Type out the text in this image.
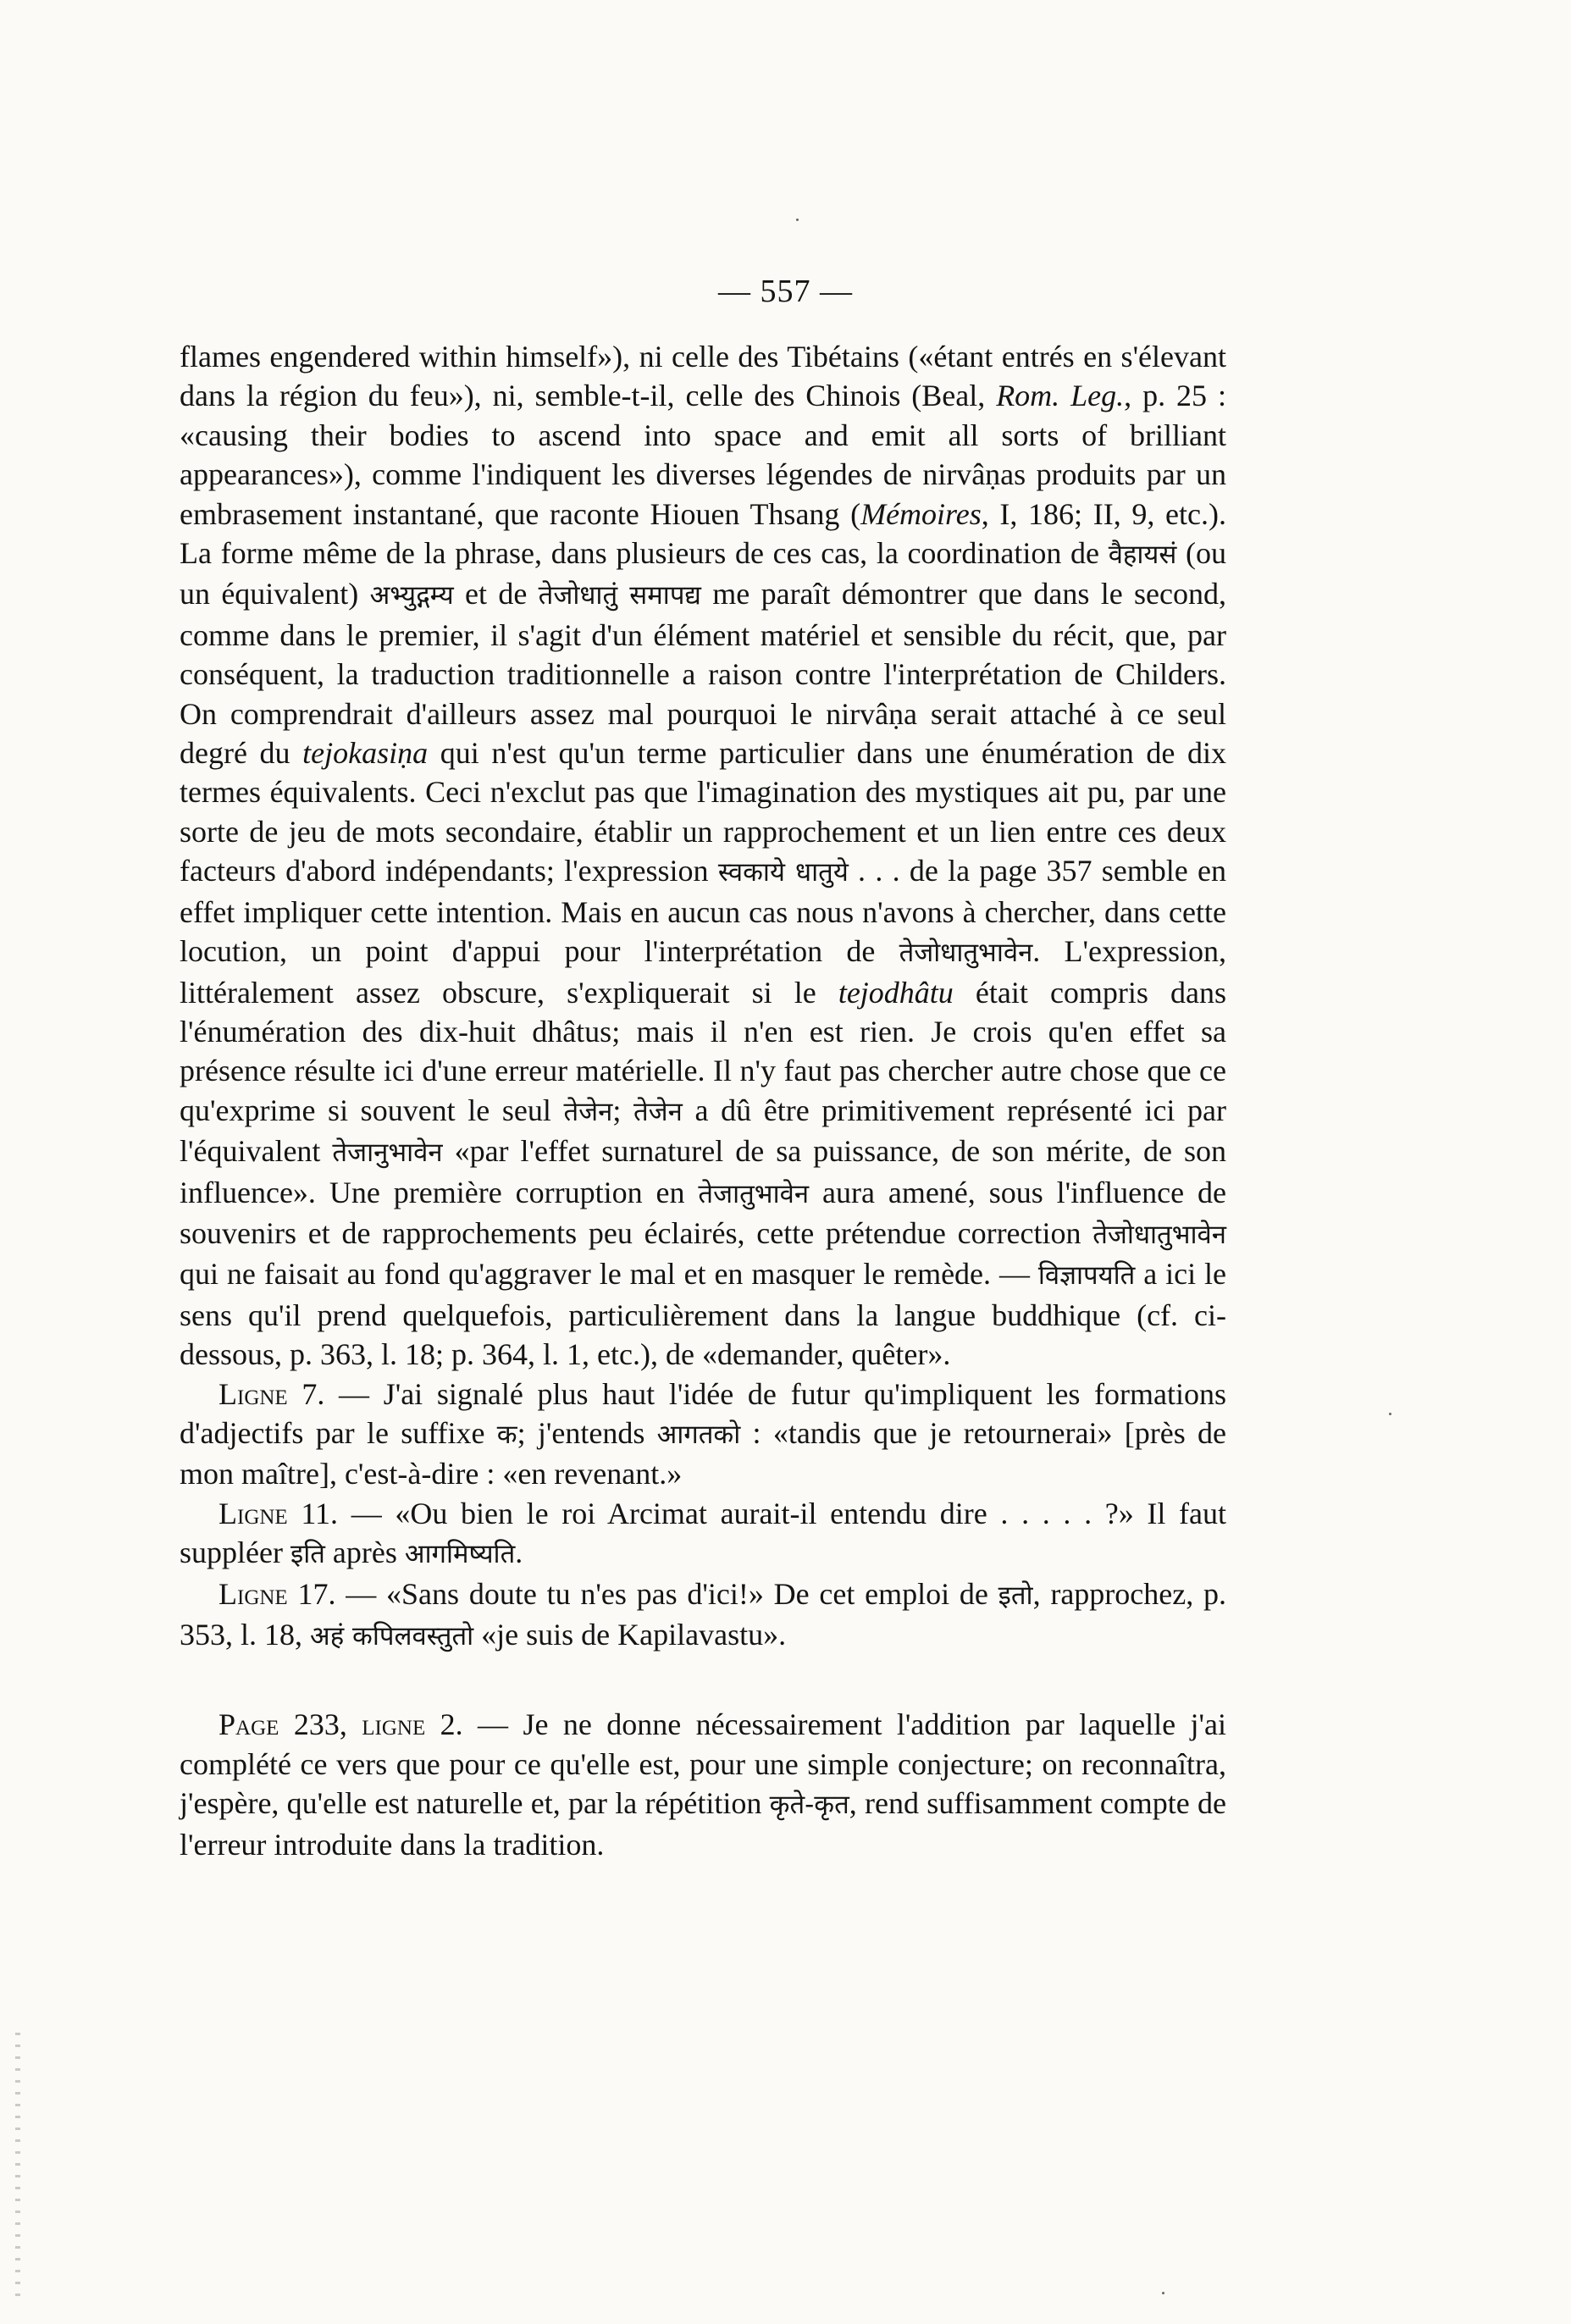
— 557 —

flames engendered within himself»), ni celle des Tibétains («étant entrés en s'élevant dans la région du feu»), ni, semble-t-il, celle des Chinois (Beal, Rom. Leg., p. 25 : «causing their bodies to ascend into space and emit all sorts of brilliant appearances»), comme l'indiquent les diverses légendes de nirvâṇas produits par un embrasement instantané, que raconte Hiouen Thsang (Mémoires, I, 186; II, 9, etc.). La forme même de la phrase, dans plusieurs de ces cas, la coordination de वैहायसं (ou un équivalent) अभ्युद्गम्य et de तेजोधातुं समापद्य me paraît démontrer que dans le second, comme dans le premier, il s'agit d'un élément matériel et sensible du récit, que, par conséquent, la traduction traditionnelle a raison contre l'interprétation de Childers. On comprendrait d'ailleurs assez mal pourquoi le nirvâṇa serait attaché à ce seul degré du tejokasiṇa qui n'est qu'un terme particulier dans une énumération de dix termes équivalents. Ceci n'exclut pas que l'imagination des mystiques ait pu, par une sorte de jeu de mots secondaire, établir un rapprochement et un lien entre ces deux facteurs d'abord indépendants; l'expression स्वकाये धातुये . . . de la page 357 semble en effet impliquer cette intention. Mais en aucun cas nous n'avons à chercher, dans cette locution, un point d'appui pour l'interprétation de तेजोधातुभावेन. L'expression, littéralement assez obscure, s'expliquerait si le tejodhâtu était compris dans l'énumération des dix-huit dhâtus; mais il n'en est rien. Je crois qu'en effet sa présence résulte ici d'une erreur matérielle. Il n'y faut pas chercher autre chose que ce qu'exprime si souvent le seul तेजेन; तेजेन a dû être primitivement représenté ici par l'équivalent तेजानुभावेन «par l'effet surnaturel de sa puissance, de son mérite, de son influence». Une première corruption en तेजातुभावेन aura amené, sous l'influence de souvenirs et de rapprochements peu éclairés, cette prétendue correction तेजोधातुभावेन qui ne faisait au fond qu'aggraver le mal et en masquer le remède. — विज्ञापयति a ici le sens qu'il prend quelquefois, particulièrement dans la langue buddhique (cf. ci-dessous, p. 363, l. 18; p. 364, l. 1, etc.), de «demander, quêter».

Ligne 7. — J'ai signalé plus haut l'idée de futur qu'impliquent les formations d'adjectifs par le suffixe क; j'entends आगतको : «tandis que je retournerai» [près de mon maître], c'est-à-dire : «en revenant.»

Ligne 11. — «Ou bien le roi Arcimat aurait-il entendu dire . . . . . ?» Il faut suppléer इति après आगमिष्यति.

Ligne 17. — «Sans doute tu n'es pas d'ici!» De cet emploi de इतो, rapprochez, p. 353, l. 18, अहं कपिलवस्तुतो «je suis de Kapilavastu».

Page 233, ligne 2. — Je ne donne nécessairement l'addition par laquelle j'ai complété ce vers que pour ce qu'elle est, pour une simple conjecture; on reconnaîtra, j'espère, qu'elle est naturelle et, par la répétition कृते-कृत, rend suffisamment compte de l'erreur introduite dans la tradition.
